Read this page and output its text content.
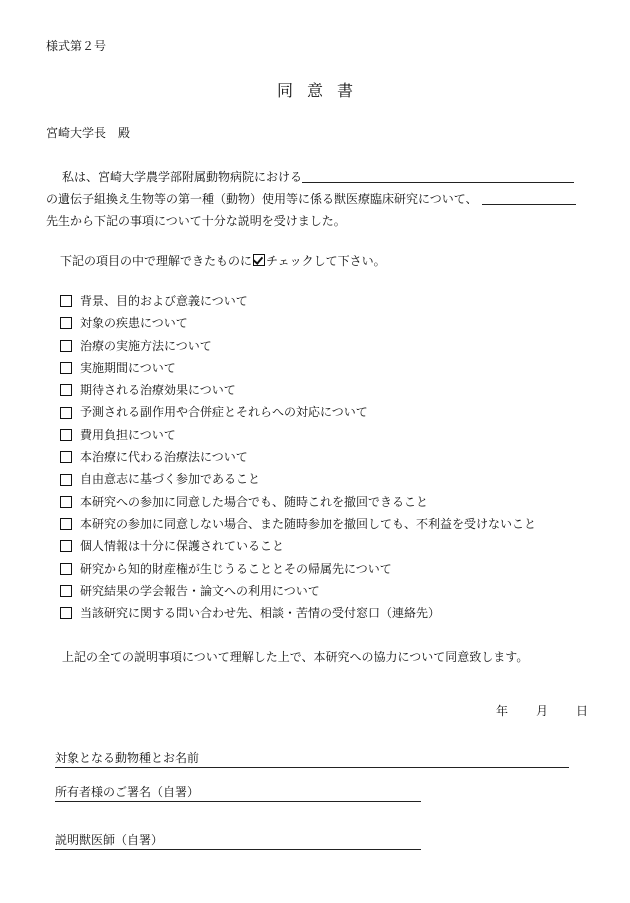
様式第２号
同意書
宮崎大学長　殿
私は、宮崎大学農学部附属動物病院における
の遺伝子組換え生物等の第一種（動物）使用等に係る獣医療臨床研究について、
先生から下記の事項について十分な説明を受けました。
下記の項目の中で理解できたものに チェックして下さい。
背景、目的および意義について
対象の疾患について
治療の実施方法について
実施期間について
期待される治療効果について
予測される副作用や合併症とそれらへの対応について
費用負担について
本治療に代わる治療法について
自由意志に基づく参加であること
本研究への参加に同意した場合でも、随時これを撤回できること
本研究の参加に同意しない場合、また随時参加を撤回しても、不利益を受けないこと
個人情報は十分に保護されていること
研究から知的財産権が生じうることとその帰属先について
研究結果の学会報告・論文への利用について
当該研究に関する問い合わせ先、相談・苦情の受付窓口（連絡先）
上記の全ての説明事項について理解した上で、本研究への協力について同意致します。
年 月 日
対象となる動物種とお名前
所有者様のご署名（自署）
説明獣医師（自署）
